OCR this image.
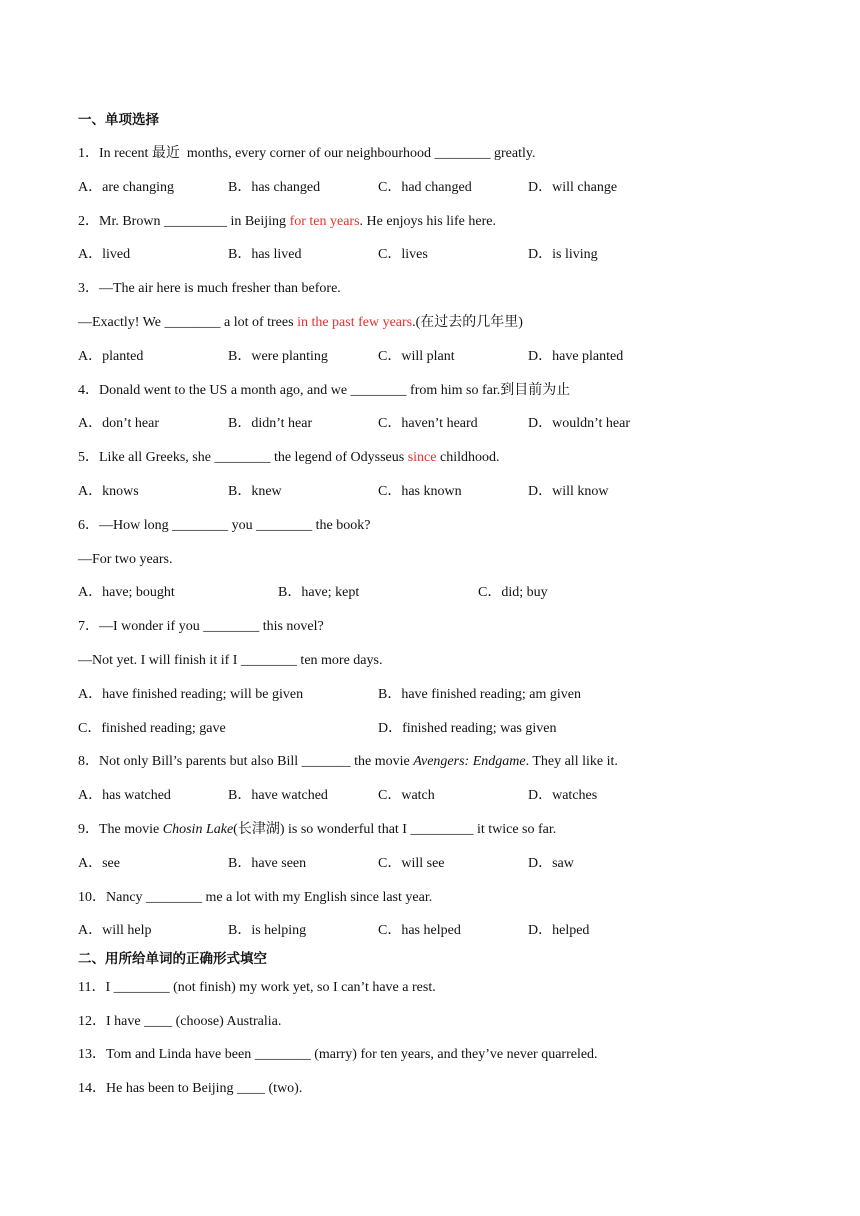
一、单项选择
1．In recent 最近  months, every corner of our neighbourhood ________ greatly.

A．are changing

	B．has changed

	C．had changed

	D．will change

2．Mr. Brown _________ in Beijing for ten years. He enjoys his life here.

A．lived

	B．has lived

	C．lives

	D．is living

3．—The air here is much fresher than before.
—Exactly! We ________ a lot of trees in the past few years.(在过去的几年里)

A．planted

	B．were planting

	C．will plant

	D．have planted

4．Donald went to the US a month ago, and we ________ from him so far.到目前为止

A．don’t hear

	B．didn’t hear

	C．haven’t heard

	D．wouldn’t hear

5．Like all Greeks, she ________ the legend of Odysseus since childhood.

A．knows

	B．knew

	C．has known

	D．will know

6．—How long ________ you ________ the book?
—For two years.

A．have; bought

	B．have; kept

	C．did; buy

7．—I wonder if you ________ this novel?
—Not yet. I will finish it if I ________ ten more days.

A．have finished reading; will be given

	B．have finished reading; am given

C．finished reading; gave

	D．finished reading; was given

8．Not only Bill’s parents but also Bill _______ the movie Avengers: Endgame. They all like it.

A．has watched

	B．have watched

	C．watch

	D．watches

9．The movie Chosin Lake(长津湖) is so wonderful that I _________ it twice so far.

A．see

	B．have seen

	C．will see

	D．saw

10．Nancy ________ me a lot with my English since last year.

A．will help

	B．is helping

	C．has helped

	D．helped

二、用所给单词的正确形式填空
11．I ________ (not finish) my work yet, so I can’t have a rest.
12．I have ____ (choose) Australia.
13．Tom and Linda have been ________ (marry) for ten years, and they’ve never quarreled.
14．He has been to Beijing ____ (two).
